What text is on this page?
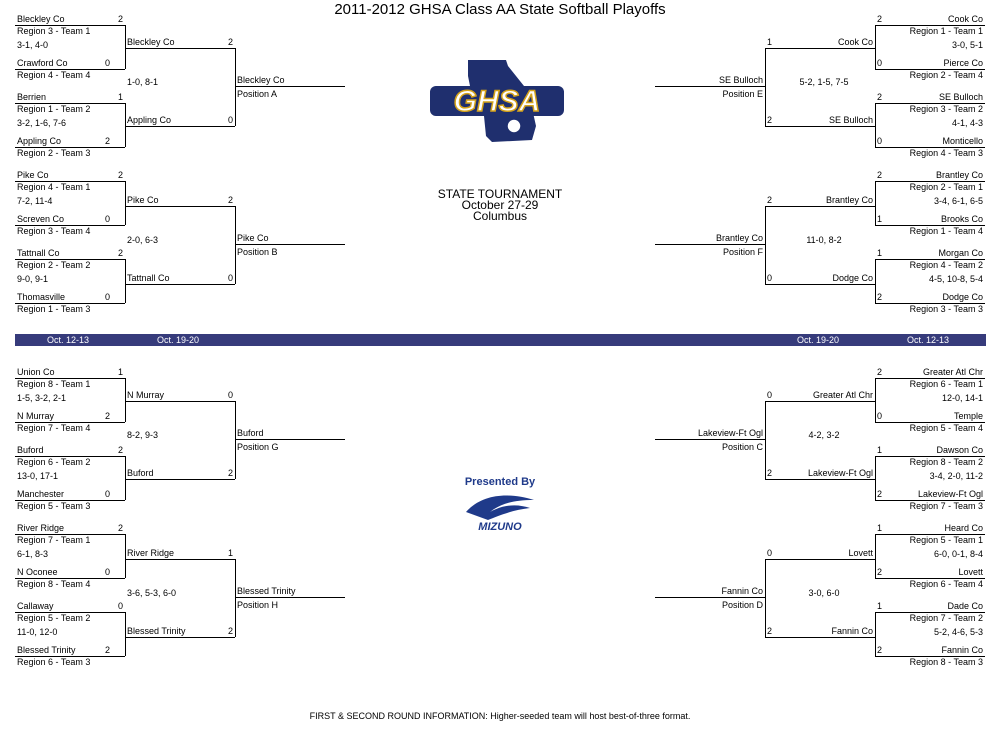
2011-2012 GHSA Class AA State Softball Playoffs
Bleckley Co	2
Region 3 - Team 1
3-1, 4-0
Crawford Co	0
Region 4 - Team 4
Berrien	1
Region 1 - Team 2
3-2, 1-6, 7-6
Appling Co	2
Region 2 - Team 3
Pike Co	2
Region 4 - Team 1
7-2, 11-4
Screven Co	0
Region 3 - Team 4
Tattnall Co	2
Region 2 - Team 2
9-0, 9-1
Thomasville	0
Region 1 - Team 3
Bleckley Co	2
1-0, 8-1
Appling Co	0
Pike Co	2
2-0, 6-3
Tattnall Co	0
Bleckley Co
Position A
Pike Co
Position B
Cook Co
2
Region 1 - Team 1
3-0, 5-1
Pierce Co
0
Region 2 - Team 4
SE Bulloch
2
Region 3 - Team 2
4-1, 4-3
Monticello
0
Region 4 - Team 3
Brantley Co
2
Region 2 - Team 1
3-4, 6-1, 6-5
Brooks Co
1
Region 1 - Team 4
Morgan Co
1
Region 4 - Team 2
4-5, 10-8, 5-4
Dodge Co
2
Region 3 - Team 3
Cook Co
1
5-2, 1-5, 7-5
SE Bulloch
2
Brantley Co
2
11-0, 8-2
Dodge Co
0
SE Bulloch
Position E
Brantley Co
Position F
Union Co	1
Region 8 - Team 1
1-5, 3-2, 2-1
N Murray	2
Region 7 - Team 4
Buford	2
Region 6 - Team 2
13-0, 17-1
Manchester	0
Region 5 - Team 3
River Ridge	2
Region 7 - Team 1
6-1, 8-3
N Oconee	0
Region 8 - Team 4
Callaway	0
Region 5 - Team 2
11-0, 12-0
Blessed Trinity	2
Region 6 - Team 3
N Murray	0
8-2, 9-3
Buford	2
River Ridge	1
3-6, 5-3, 6-0
Blessed Trinity	2
Buford
Position G
Blessed Trinity
Position H
Greater Atl Chr
2
Region 6 - Team 1
12-0, 14-1
Temple
0
Region 5 - Team 4
Dawson Co
1
Region 8 - Team 2
3-4, 2-0, 11-2
Lakeview-Ft Ogl
2
Region 7 - Team 3
Heard Co
1
Region 5 - Team 1
6-0, 0-1, 8-4
Lovett
2
Region 6 - Team 4
Dade Co
1
Region 7 - Team 2
5-2, 4-6, 5-3
Fannin Co
2
Region 8 - Team 3
Greater Atl Chr
0
4-2, 3-2
Lakeview-Ft Ogl
2
Lovett
0
3-0, 6-0
Fannin Co
2
Lakeview-Ft Ogl
Position C
Fannin Co
Position D
GHSA
STATE TOURNAMENT
October 27-29
Columbus
Oct. 12-13	Oct. 19-20	Oct. 19-20	Oct. 12-13
Presented By
MIZUNO
FIRST & SECOND ROUND INFORMATION: Higher-seeded team will host best-of-three format.
